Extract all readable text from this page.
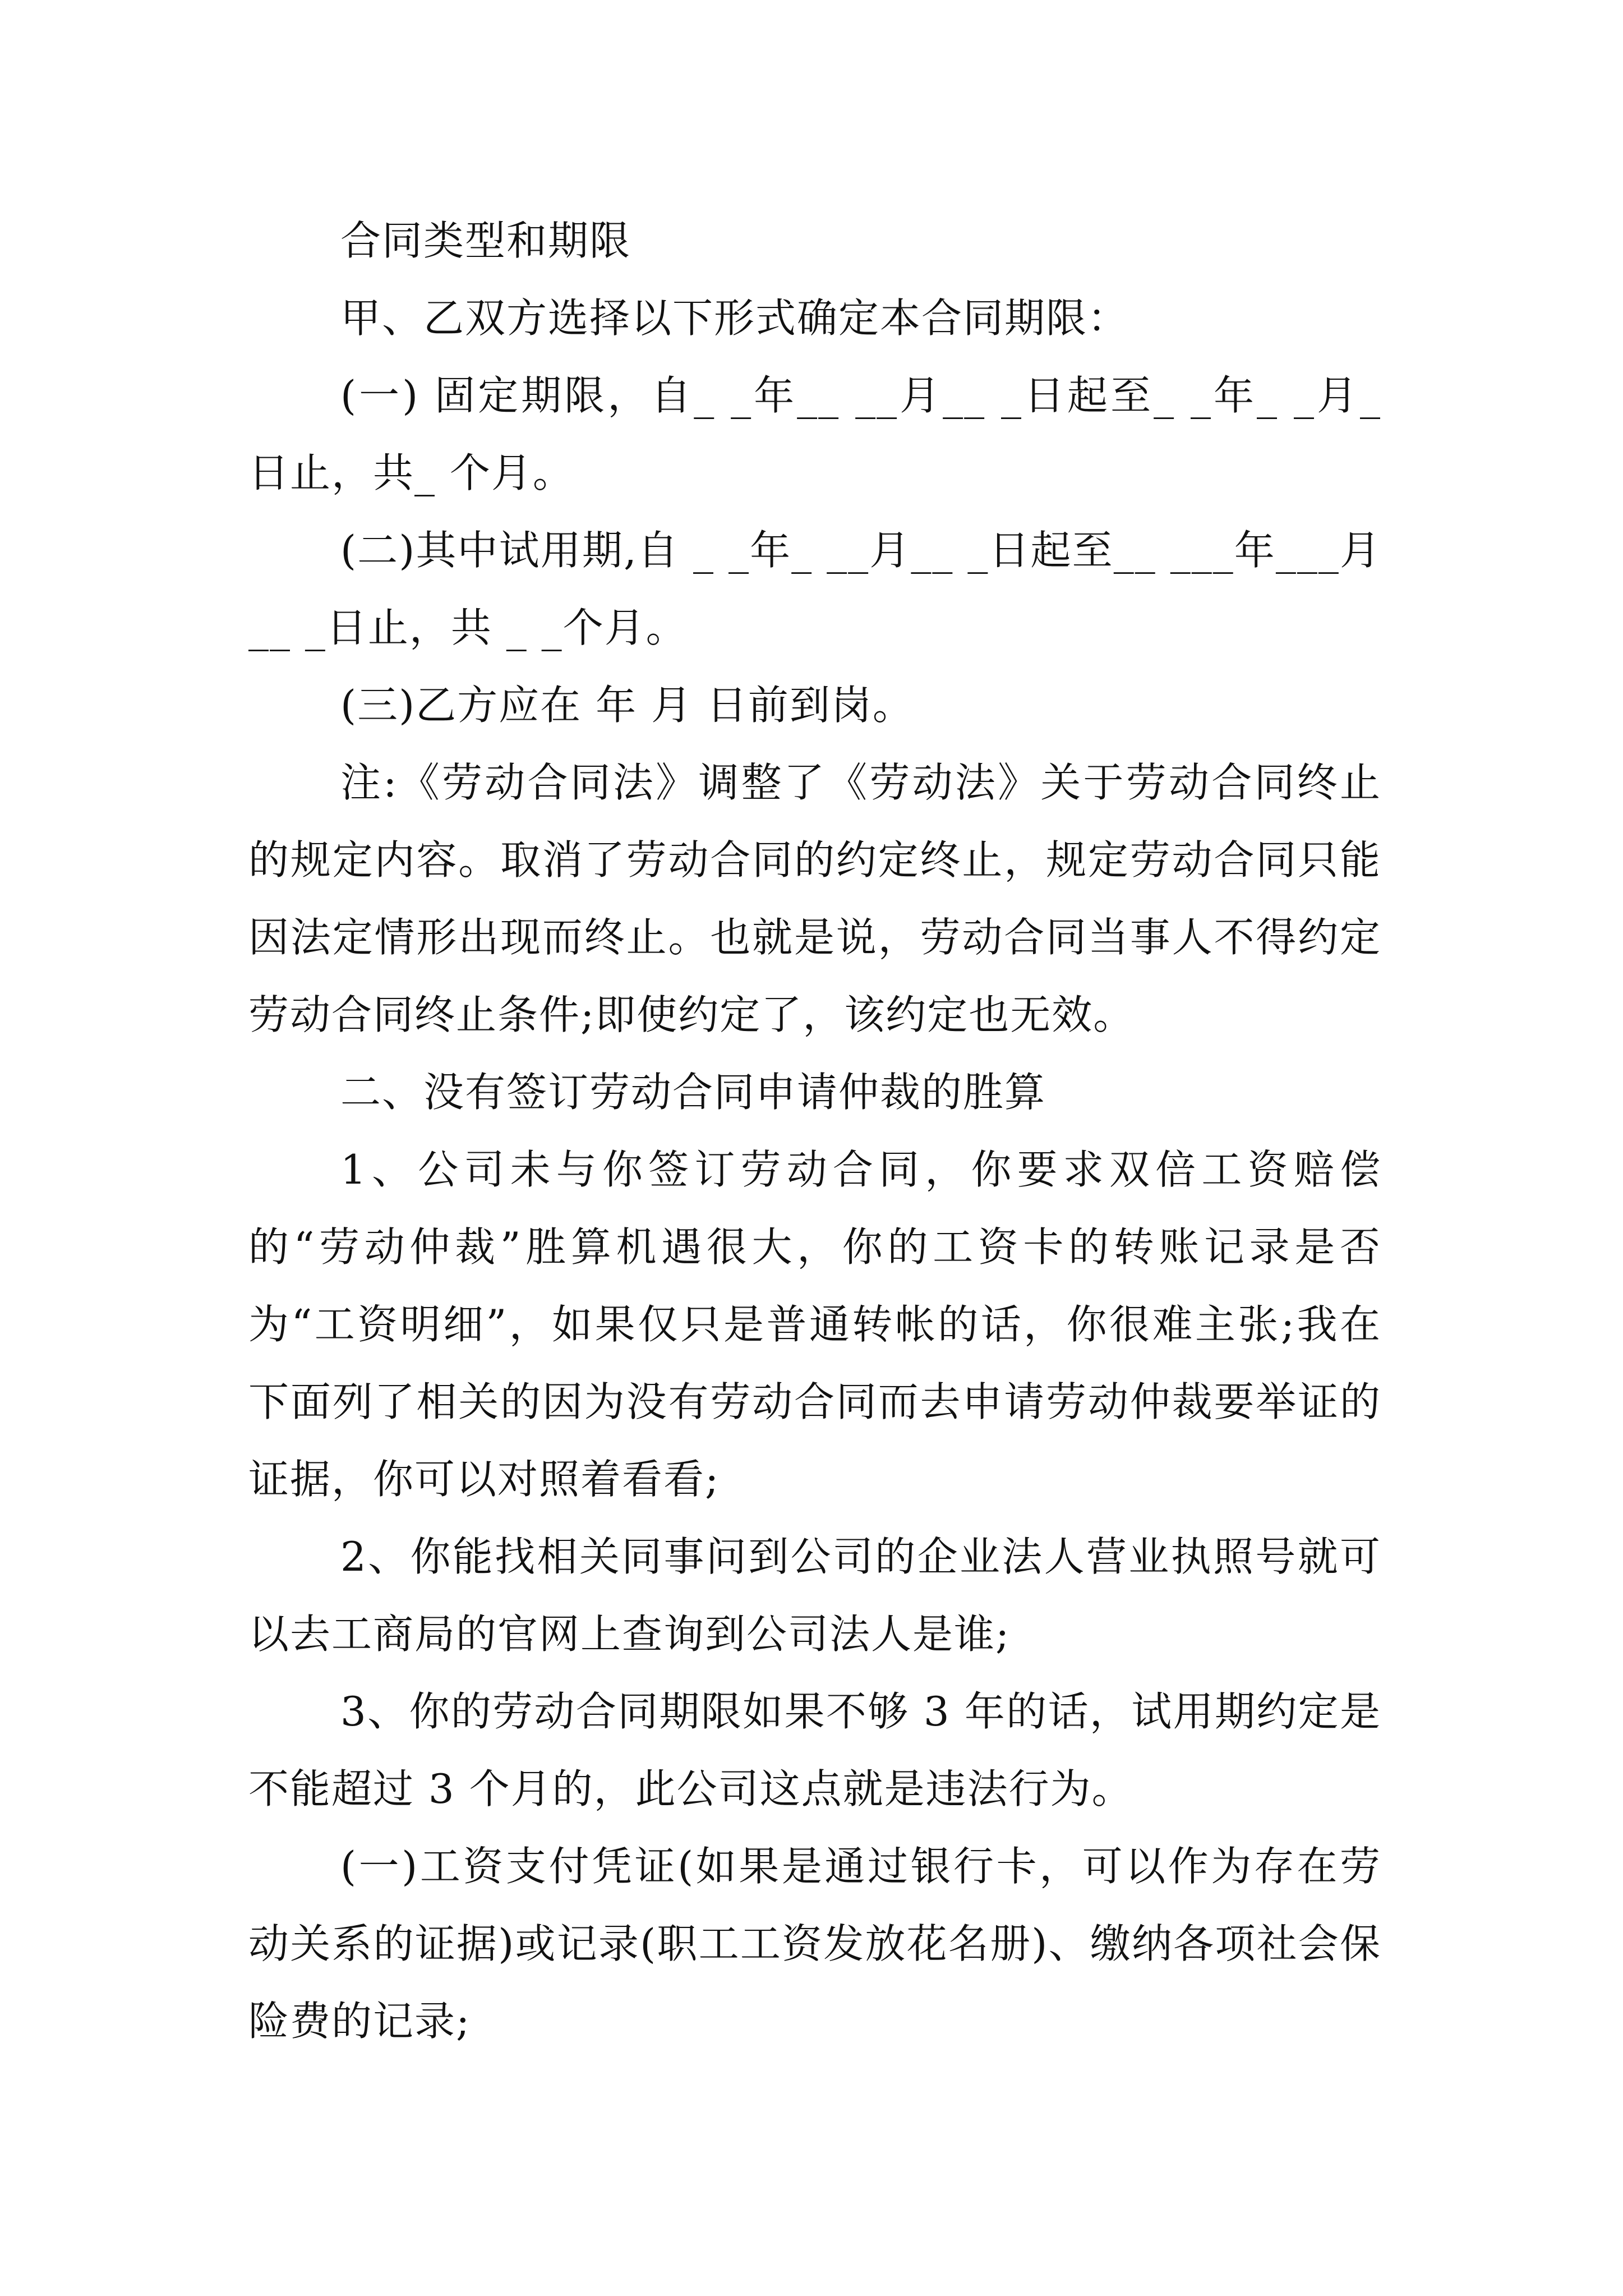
合同类型和期限

甲、乙双方选择以下形式确定本合同期限：

(一) 固定期限，自_ _年__ __月__ _日起至_ _年_ _月_ 日止，共_ 个月。

(二)其中试用期,自 _ _年_ __月__ _日起至__ ___年___月__ _日止，共 _ _个月。

(三)乙方应在 年 月 日前到岗。

注:《劳动合同法》调整了《劳动法》关于劳动合同终止的规定内容。取消了劳动合同的约定终止，规定劳动合同只能因法定情形出现而终止。也就是说，劳动合同当事人不得约定劳动合同终止条件;即使约定了，该约定也无效。

二、没有签订劳动合同申请仲裁的胜算

1、公司未与你签订劳动合同，你要求双倍工资赔偿的“劳动仲裁”胜算机遇很大，你的工资卡的转账记录是否为“工资明细”，如果仅只是普通转帐的话，你很难主张;我在下面列了相关的因为没有劳动合同而去申请劳动仲裁要举证的证据，你可以对照着看看;

2、你能找相关同事问到公司的企业法人营业执照号就可以去工商局的官网上查询到公司法人是谁;

3、你的劳动合同期限如果不够 3 年的话，试用期约定是不能超过 3 个月的，此公司这点就是违法行为。

(一)工资支付凭证(如果是通过银行卡，可以作为存在劳动关系的证据)或记录(职工工资发放花名册)、缴纳各项社会保险费的记录;
